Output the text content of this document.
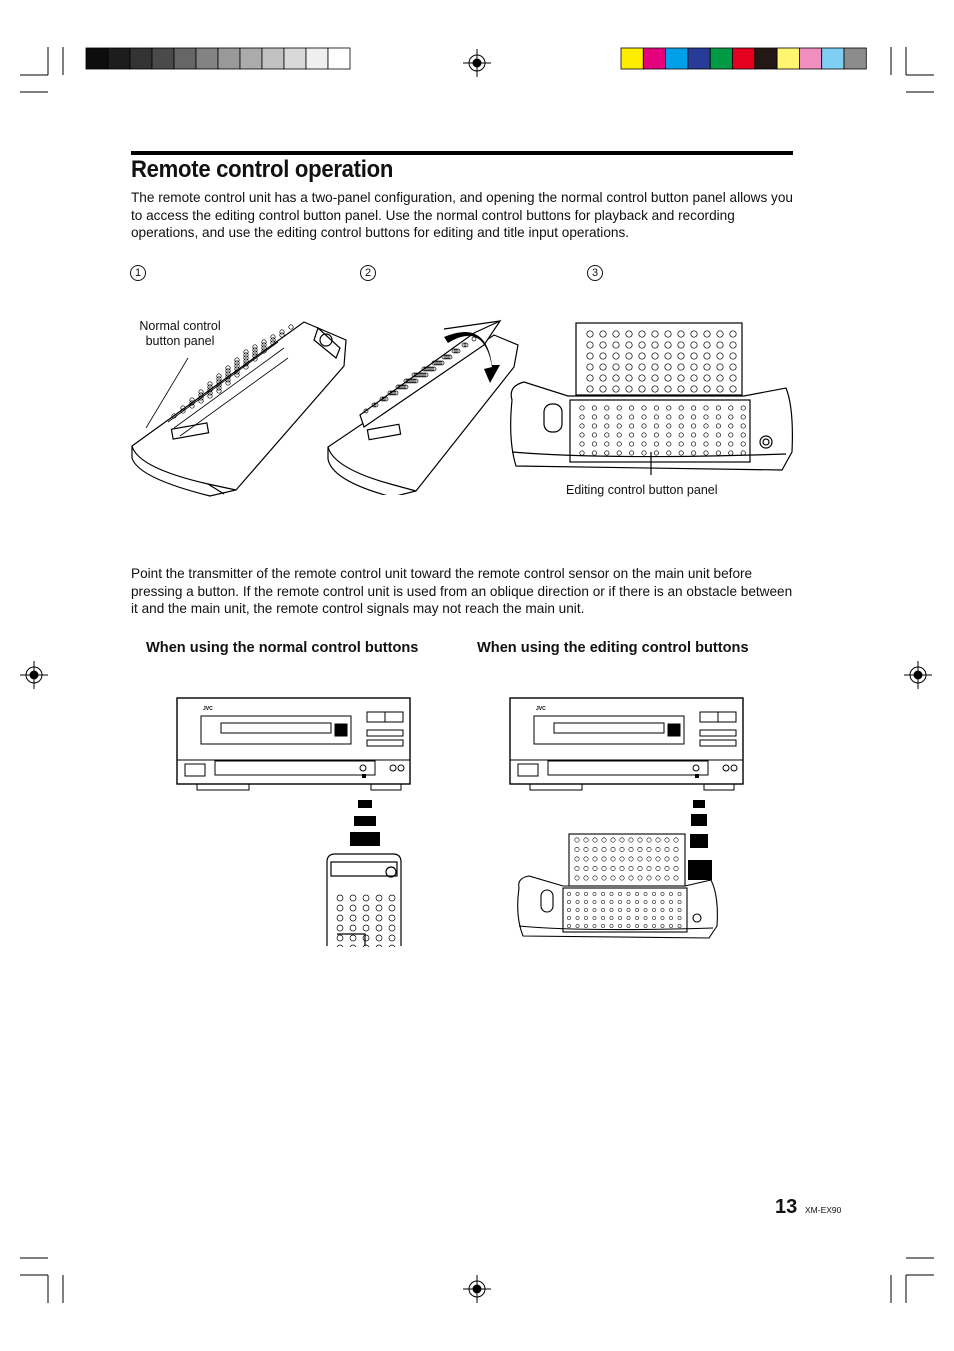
Remote control operation

The remote control unit has a two-panel configuration, and opening the normal control button panel allows you to access the editing control button panel. Use the normal control buttons for playback and recording operations, and use the editing control buttons for editing and title input operations.

1	2	3
Normal control button panel
Editing control button panel

Point the transmitter of the remote control unit toward the remote control sensor on the main unit before pressing a button. If the remote control unit is used from an oblique direction or if there is an obstacle between it and the main unit, the remote control signals may not reach the main unit.

When using the normal control buttons	When using the editing control buttons
13 XM-EX90
JVC	JVC
